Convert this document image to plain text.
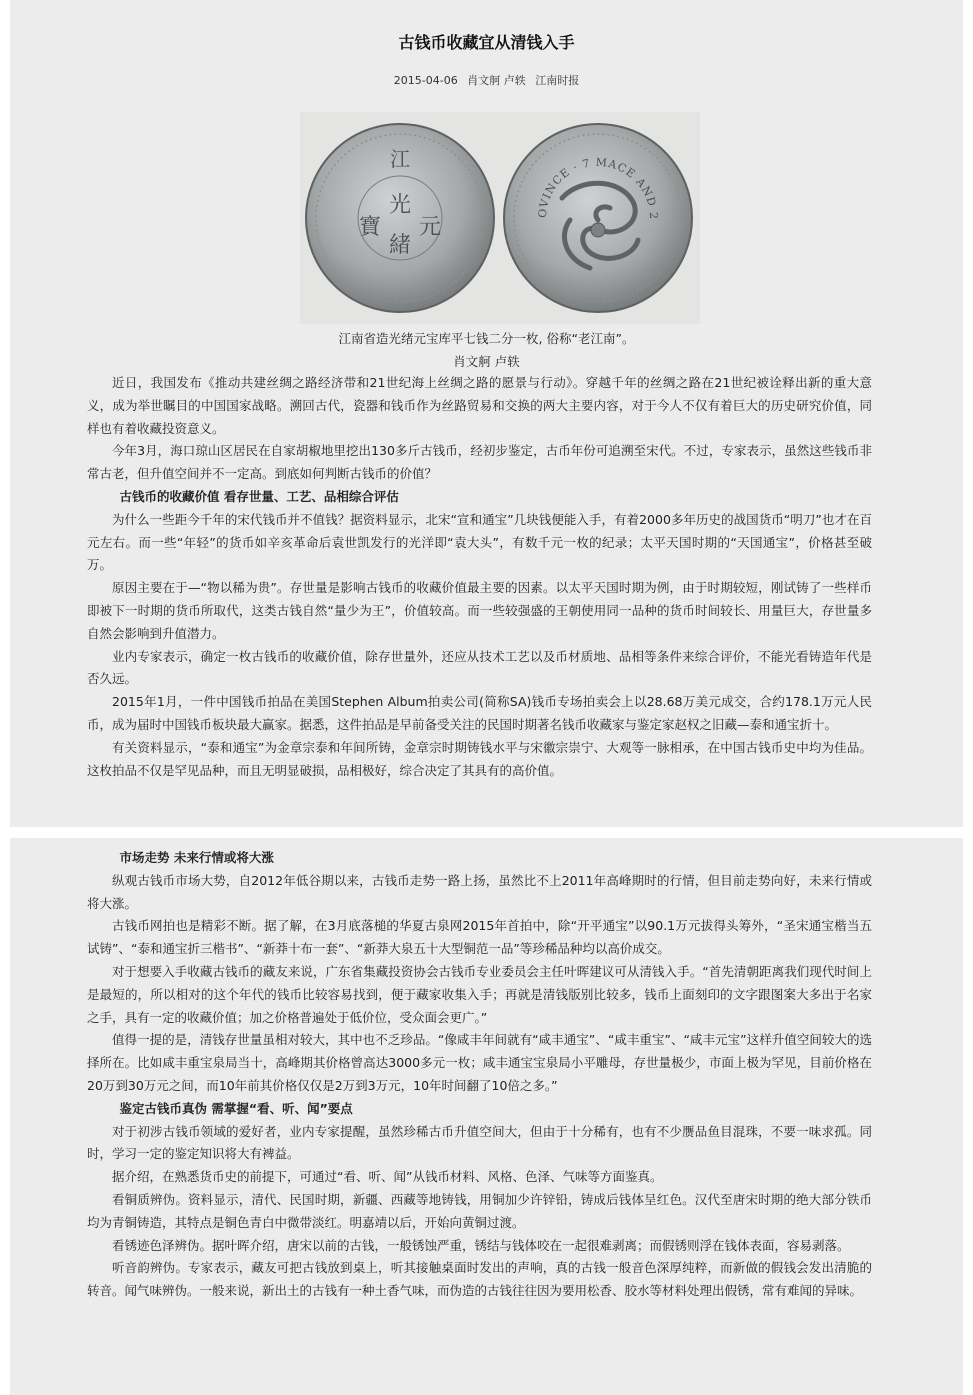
古钱币收藏宜从清钱入手
2015-04-06 肖文舸 卢轶 江南时报
江
光
緒
寶 元
OVINCE · 7 MACE AND 2
江南省造光绪元宝库平七钱二分一枚, 俗称“老江南”。
肖文舸 卢轶

近日，我国发布《推动共建丝绸之路经济带和21世纪海上丝绸之路的愿景与行动》。穿越千年的丝绸之路在21世纪被诠释出新的重大意义，成为举世瞩目的中国国家战略。溯回古代，瓷器和钱币作为丝路贸易和交换的两大主要内容，对于今人不仅有着巨大的历史研究价值，同样也有着收藏投资意义。

今年3月，海口琼山区居民在自家胡椒地里挖出130多斤古钱币，经初步鉴定，古币年份可追溯至宋代。不过，专家表示，虽然这些钱币非常古老，但升值空间并不一定高。到底如何判断古钱币的价值？

古钱币的收藏价值 看存世量、工艺、品相综合评估

为什么一些距今千年的宋代钱币并不值钱？据资料显示，北宋“宣和通宝”几块钱便能入手，有着2000多年历史的战国货币“明刀”也才在百元左右。而一些“年轻”的货币如辛亥革命后袁世凯发行的光洋即“袁大头”，有数千元一枚的纪录；太平天国时期的“天国通宝”，价格甚至破万。

原因主要在于—“物以稀为贵”。存世量是影响古钱币的收藏价值最主要的因素。以太平天国时期为例，由于时期较短，刚试铸了一些样币即被下一时期的货币所取代，这类古钱自然“量少为王”，价值较高。而一些较强盛的王朝使用同一品种的货币时间较长、用量巨大，存世量多自然会影响到升值潜力。

业内专家表示，确定一枚古钱币的收藏价值，除存世量外，还应从技术工艺以及币材质地、品相等条件来综合评价，不能光看铸造年代是否久远。

2015年1月，一件中国钱币拍品在美国Stephen Album拍卖公司(简称SA)钱币专场拍卖会上以28.68万美元成交，合约178.1万元人民币，成为届时中国钱币板块最大赢家。据悉，这件拍品是早前备受关注的民国时期著名钱币收藏家与鉴定家赵权之旧藏—泰和通宝折十。

有关资料显示，“泰和通宝”为金章宗泰和年间所铸，金章宗时期铸钱水平与宋徽宗崇宁、大观等一脉相承，在中国古钱币史中均为佳品。这枚拍品不仅是罕见品种，而且无明显破损，品相极好，综合决定了其具有的高价值。

市场走势 未来行情或将大涨

纵观古钱币市场大势，自2012年低谷期以来，古钱币走势一路上扬，虽然比不上2011年高峰期时的行情，但目前走势向好，未来行情或将大涨。

古钱币网拍也是精彩不断。据了解，在3月底落槌的华夏古泉网2015年首拍中，除“开平通宝”以90.1万元拔得头筹外，“圣宋通宝楷当五试铸”、“泰和通宝折三楷书”、“新莽十布一套”、“新莽大泉五十大型铜范一品”等珍稀品种均以高价成交。

对于想要入手收藏古钱币的藏友来说，广东省集藏投资协会古钱币专业委员会主任叶晖建议可从清钱入手。“首先清朝距离我们现代时间上是最短的，所以相对的这个年代的钱币比较容易找到，便于藏家收集入手；再就是清钱版别比较多，钱币上面刻印的文字跟图案大多出于名家之手，具有一定的收藏价值；加之价格普遍处于低价位，受众面会更广。”

值得一提的是，清钱存世量虽相对较大，其中也不乏珍品。“像咸丰年间就有“咸丰通宝”、“咸丰重宝”、“咸丰元宝”这样升值空间较大的选择所在。比如咸丰重宝泉局当十，高峰期其价格曾高达3000多元一枚；咸丰通宝宝泉局小平雕母，存世量极少，市面上极为罕见，目前价格在20万到30万元之间，而10年前其价格仅仅是2万到3万元，10年时间翻了10倍之多。”

鉴定古钱币真伪 需掌握“看、听、闻”要点

对于初涉古钱币领域的爱好者，业内专家提醒，虽然珍稀古币升值空间大，但由于十分稀有，也有不少赝品鱼目混珠，不要一味求孤。同时，学习一定的鉴定知识将大有裨益。

据介绍，在熟悉货币史的前提下，可通过“看、听、闻”从钱币材料、风格、色泽、气味等方面鉴真。

看铜质辨伪。资料显示，清代、民国时期，新疆、西藏等地铸钱，用铜加少许锌铅，铸成后钱体呈红色。汉代至唐宋时期的绝大部分铁币均为青铜铸造，其特点是铜色青白中微带淡红。明嘉靖以后，开始向黄铜过渡。

看锈迹色泽辨伪。据叶晖介绍，唐宋以前的古钱，一般锈蚀严重，锈结与钱体咬在一起很难剥离；而假锈则浮在钱体表面，容易剥落。

听音韵辨伪。专家表示，藏友可把古钱放到桌上，听其接触桌面时发出的声响，真的古钱一般音色深厚纯粹，而新做的假钱会发出清脆的转音。闻气味辨伪。一般来说，新出土的古钱有一种土香气味，而伪造的古钱往往因为要用松香、胶水等材料处理出假锈，常有难闻的异味。
